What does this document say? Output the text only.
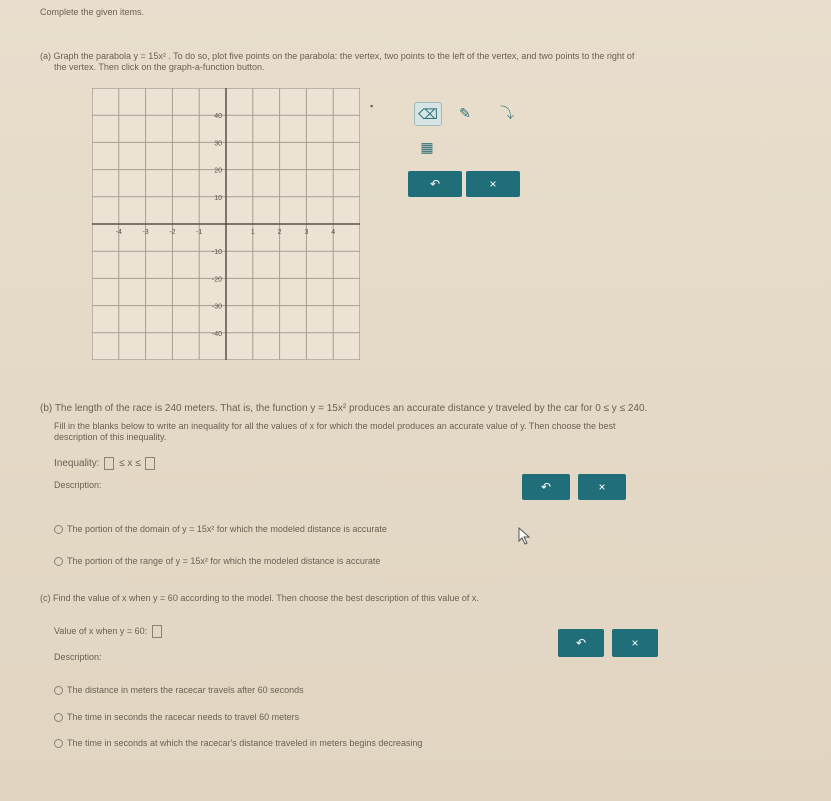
Complete the given items.
(a) Graph the parabola y = 15x² . To do so, plot five points on the parabola: the vertex, two points to the left of the vertex, and two points to the right of
the vertex. Then click on the graph-a-function button.
40
30
20
10
-10
-20
-30
-40
-4	-3	-2	-1	1	2	3	4
▪	⌫ ✎ ⤵
▦
↶	×
(b) The length of the race is 240 meters. That is, the function y = 15x² produces an accurate distance y traveled by the car for 0 ≤ y ≤ 240.
Fill in the blanks below to write an inequality for all the values of x for which the model produces an accurate value of y. Then choose the best
description of this inequality.
Inequality: ≤ x ≤
↶	×
Description:
The portion of the domain of y = 15x² for which the modeled distance is accurate
The portion of the range of y = 15x² for which the modeled distance is accurate
(c) Find the value of x when y = 60 according to the model. Then choose the best description of this value of x.
Value of x when y = 60:
↶	×
Description:
The distance in meters the racecar travels after 60 seconds
The time in seconds the racecar needs to travel 60 meters
The time in seconds at which the racecar's distance traveled in meters begins decreasing
